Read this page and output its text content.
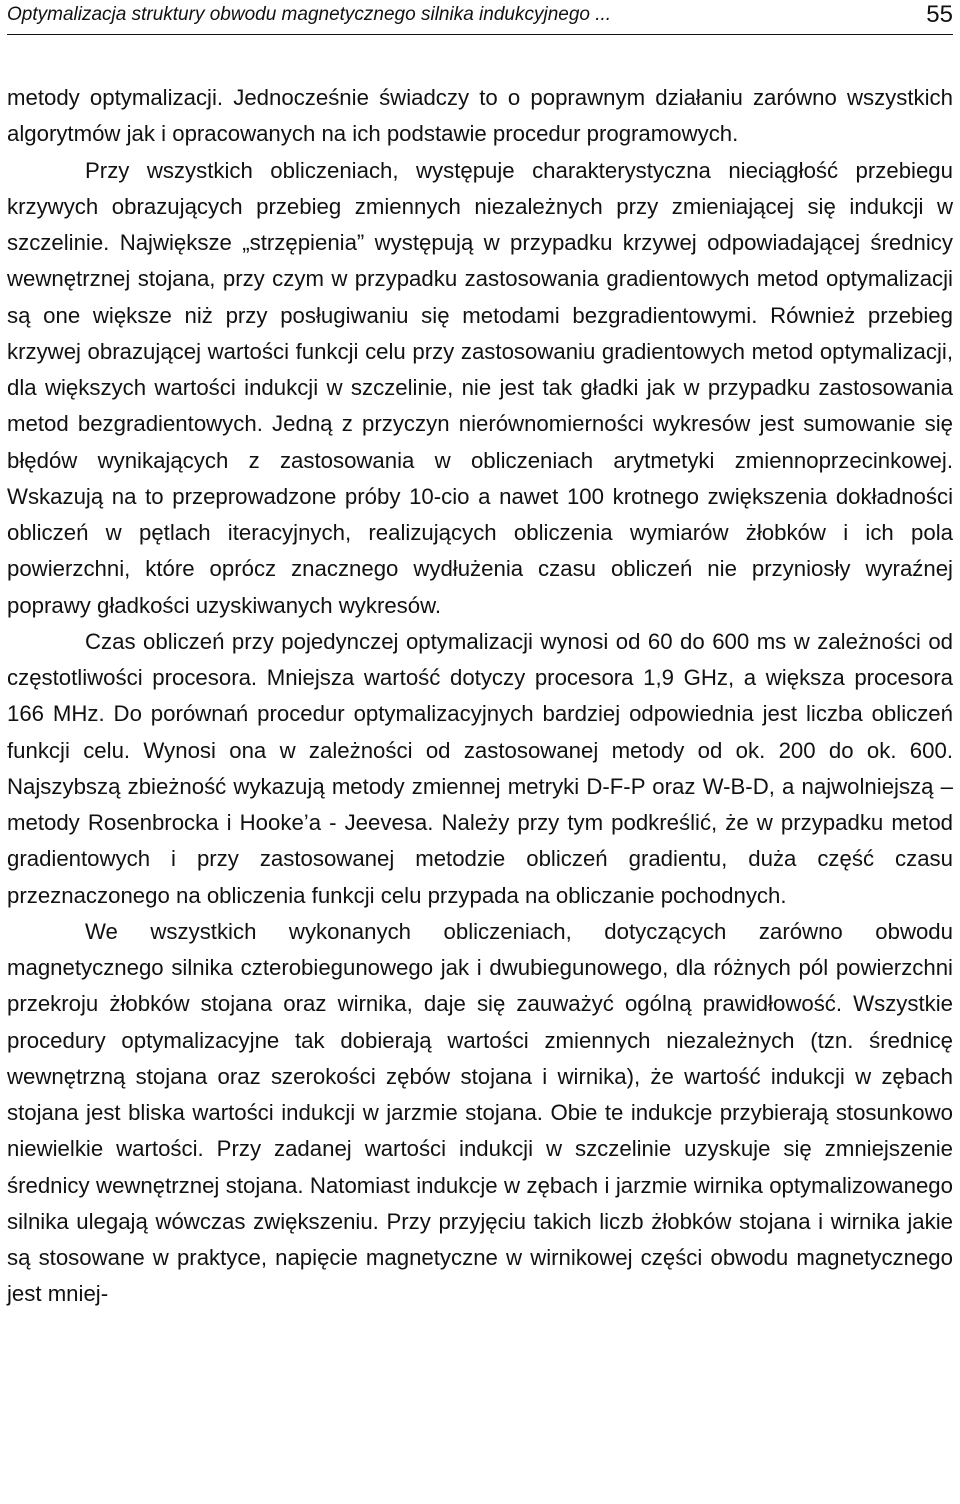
Optymalizacja struktury obwodu magnetycznego silnika indukcyjnego ...	55

metody optymalizacji. Jednocześnie świadczy to o poprawnym działaniu zarówno wszystkich algorytmów jak i opracowanych na ich podstawie procedur programowych.

Przy wszystkich obliczeniach, występuje charakterystyczna nieciągłość przebiegu krzywych obrazujących przebieg zmiennych niezależnych przy zmieniającej się indukcji w szczelinie. Największe „strzępienia” występują w przypadku krzywej odpowiadającej średnicy wewnętrznej stojana, przy czym w przypadku zastosowania gradientowych metod optymalizacji są one większe niż przy posługiwaniu się metodami bezgradientowymi. Również przebieg krzywej obrazującej wartości funkcji celu przy zastosowaniu gradientowych metod optymalizacji, dla większych wartości indukcji w szczelinie, nie jest tak gładki jak w przypadku zastosowania metod bezgradientowych. Jedną z przyczyn nierównomierności wykresów jest sumowanie się błędów wynikających z zastosowania w obliczeniach arytmetyki zmiennoprzecinkowej. Wskazują na to przeprowadzone próby 10-cio a nawet 100 krotnego zwiększenia dokładności obliczeń w pętlach iteracyjnych, realizujących obliczenia wymiarów żłobków i ich pola powierzchni, które oprócz znacznego wydłużenia czasu obliczeń nie przyniosły wyraźnej poprawy gładkości uzyskiwanych wykresów.

Czas obliczeń przy pojedynczej optymalizacji wynosi od 60 do 600 ms w zależności od częstotliwości procesora. Mniejsza wartość dotyczy procesora 1,9 GHz, a większa procesora 166 MHz. Do porównań procedur optymalizacyjnych bardziej odpowiednia jest liczba obliczeń funkcji celu. Wynosi ona w zależności od zastosowanej metody od ok. 200 do ok. 600. Najszybszą zbieżność wykazują metody zmiennej metryki D-F-P oraz W-B-D, a najwolniejszą – metody Rosenbrocka i Hooke’a - Jeevesa. Należy przy tym podkreślić, że w przypadku metod gradientowych i przy zastosowanej metodzie obliczeń gradientu, duża część czasu przeznaczonego na obliczenia funkcji celu przypada na obliczanie pochodnych.

We wszystkich wykonanych obliczeniach, dotyczących zarówno obwodu magnetycznego silnika czterobiegunowego jak i dwubiegunowego, dla różnych pól powierzchni przekroju żłobków stojana oraz wirnika, daje się zauważyć ogólną prawidłowość. Wszystkie procedury optymalizacyjne tak dobierają wartości zmiennych niezależnych (tzn. średnicę wewnętrzną stojana oraz szerokości zębów stojana i wirnika), że wartość indukcji w zębach stojana jest bliska wartości indukcji w jarzmie stojana. Obie te indukcje przybierają stosunkowo niewielkie wartości. Przy zadanej wartości indukcji w szczelinie uzyskuje się zmniejszenie średnicy wewnętrznej stojana. Natomiast indukcje w zębach i jarzmie wirnika optymalizowanego silnika ulegają wówczas zwiększeniu. Przy przyjęciu takich liczb żłobków stojana i wirnika jakie są stosowane w praktyce, napięcie magnetyczne w wirnikowej części obwodu magnetycznego jest mniej-
